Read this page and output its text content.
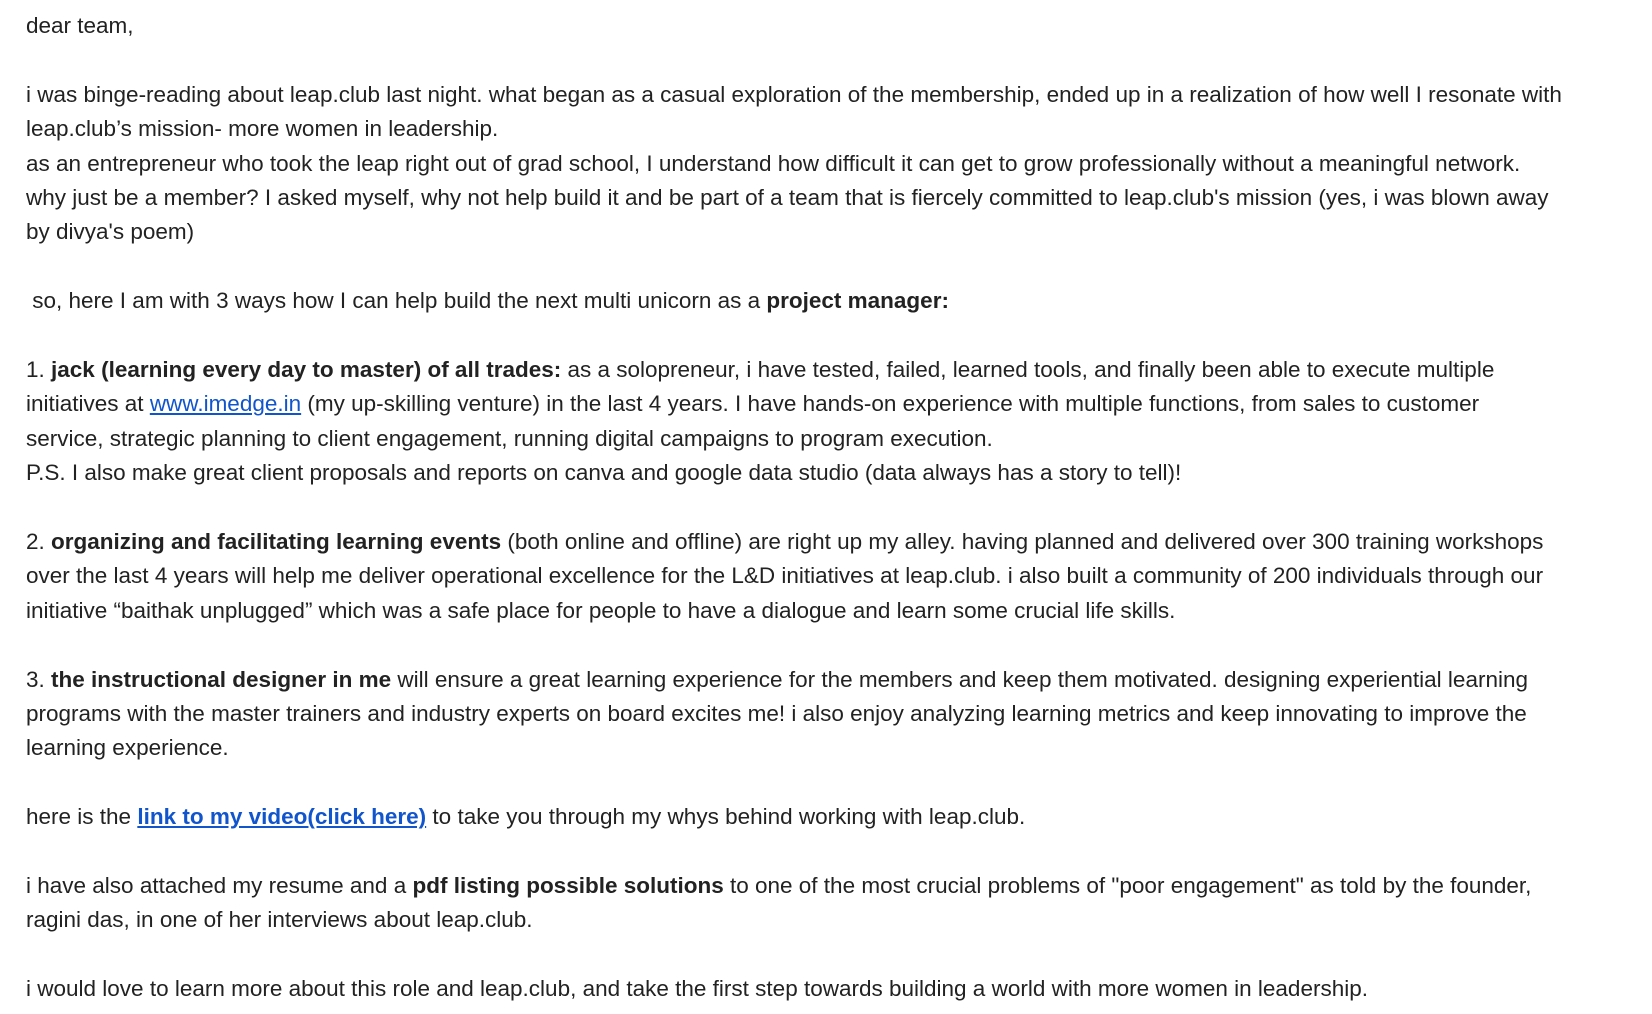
dear team,

i was binge-reading about leap.club last night. what began as a casual exploration of the membership, ended up in a realization of how well I resonate with

leap.club’s mission- more women in leadership.

as an entrepreneur who took the leap right out of grad school, I understand how difficult it can get to grow professionally without a meaningful network.

why just be a member? I asked myself, why not help build it and be part of a team that is fiercely committed to leap.club's mission (yes, i was blown away

by divya's poem)

so, here I am with 3 ways how I can help build the next multi unicorn as a project manager:

1. jack (learning every day to master) of all trades: as a solopreneur, i have tested, failed, learned tools, and finally been able to execute multiple

initiatives at www.imedge.in (my up-skilling venture) in the last 4 years. I have hands-on experience with multiple functions, from sales to customer

service, strategic planning to client engagement, running digital campaigns to program execution.

P.S. I also make great client proposals and reports on canva and google data studio (data always has a story to tell)!

2. organizing and facilitating learning events (both online and offline) are right up my alley. having planned and delivered over 300 training workshops

over the last 4 years will help me deliver operational excellence for the L&D initiatives at leap.club. i also built a community of 200 individuals through our

initiative “baithak unplugged” which was a safe place for people to have a dialogue and learn some crucial life skills.

3. the instructional designer in me will ensure a great learning experience for the members and keep them motivated. designing experiential learning

programs with the master trainers and industry experts on board excites me! i also enjoy analyzing learning metrics and keep innovating to improve the

learning experience.

here is the link to my video(click here) to take you through my whys behind working with leap.club.

i have also attached my resume and a pdf listing possible solutions to one of the most crucial problems of "poor engagement" as told by the founder,

ragini das, in one of her interviews about leap.club.

i would love to learn more about this role and leap.club, and take the first step towards building a world with more women in leadership.
